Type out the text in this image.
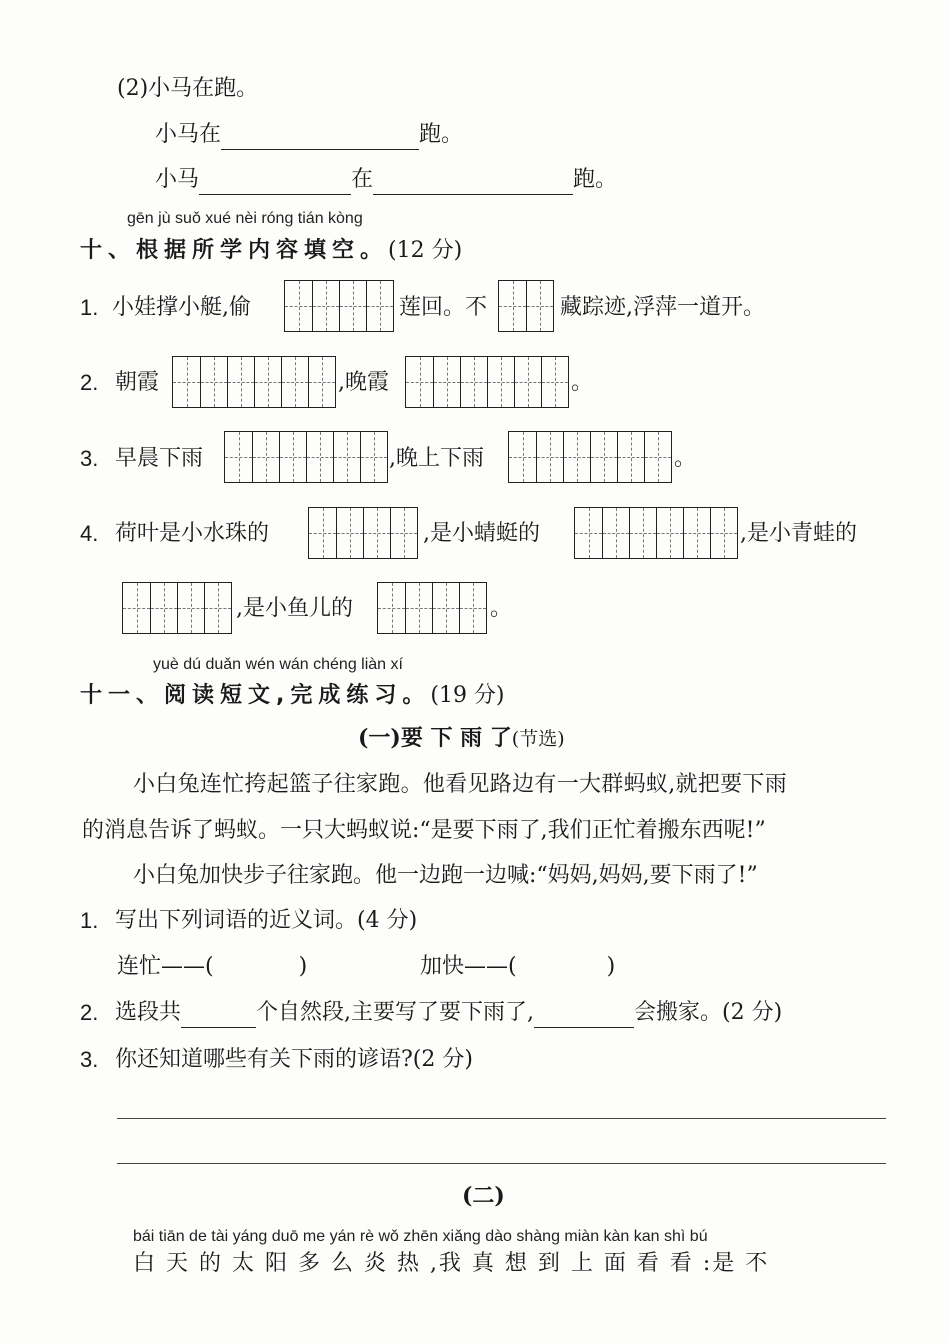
(2)小马在跑。
小马在	跑。
小马	在	跑。
gēn jù suǒ xué nèi róng tián kòng
十、根据所学内容填空。(12 分)
1. 小娃撑小艇,偷	莲回。不	藏踪迹,浮萍一道开。
2. 朝霞	,晚霞	。
3. 早晨下雨	,晚上下雨	。
4. 荷叶是小水珠的	,是小蜻蜓的	,是小青蛙的
,是小鱼儿的	。
yuè dú duǎn wén wán chéng liàn xí
十一、阅读短文,完成练习。(19 分)
(一)要 下 雨 了(节选)
小白兔连忙挎起篮子往家跑。他看见路边有一大群蚂蚁,就把要下雨
的消息告诉了蚂蚁。一只大蚂蚁说:“是要下雨了,我们正忙着搬东西呢!”
小白兔加快步子往家跑。他一边跑一边喊:“妈妈,妈妈,要下雨了!”
1. 写出下列词语的近义词。(4 分)
连忙——(	)	加快——(	)
2. 选段共	个自然段,主要写了要下雨了,	会搬家。(2 分)
3. 你还知道哪些有关下雨的谚语?(2 分)
(二)
bái tiān de tài yáng duō me yán rè wǒ zhēn xiǎng dào shàng miàn kàn kan shì bú
白 天 的 太 阳 多 么 炎 热 ,我 真 想 到 上 面 看 看 :是 不
